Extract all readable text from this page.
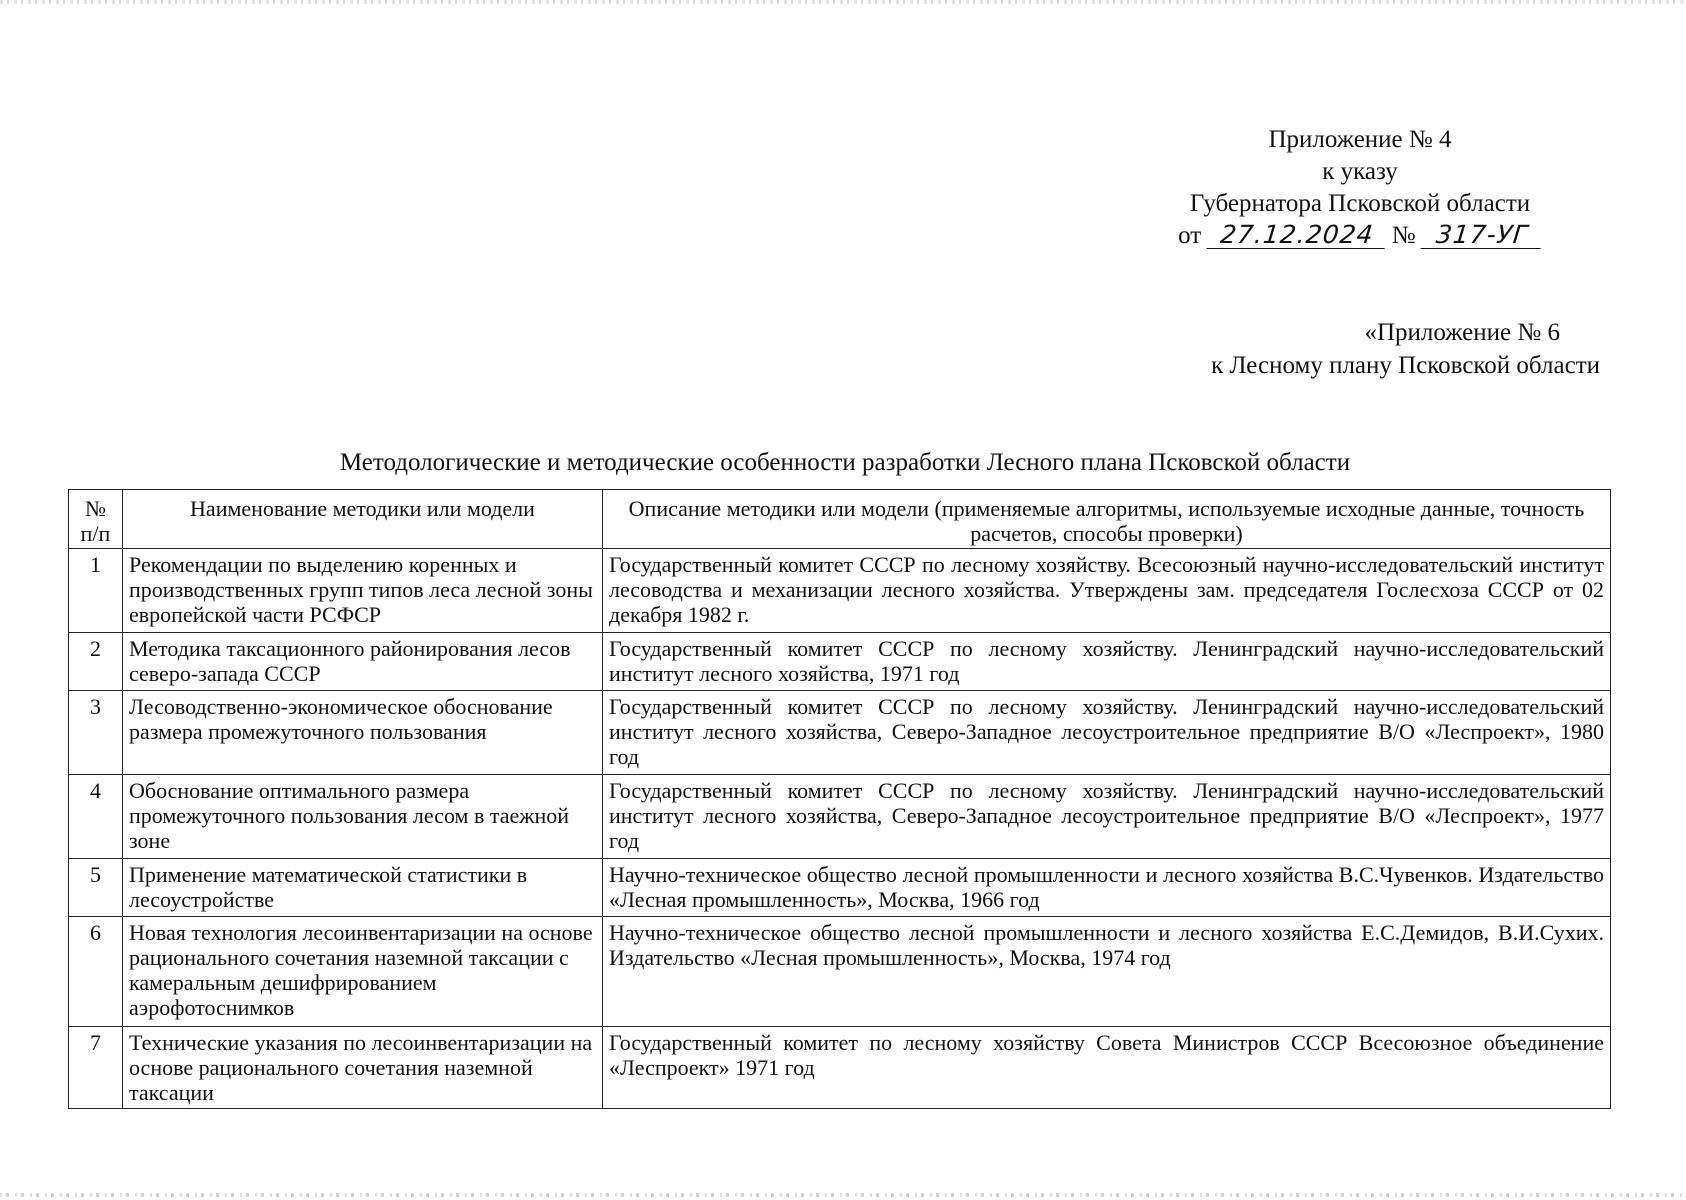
Приложение № 4
к указу
Губернатора Псковской области
от 27.12.2024 № 317-УГ
«Приложение № 6
к Лесному плану Псковской области
Методологические и методические особенности разработки Лесного плана Псковской области
№ п/п	Наименование методики или модели	Описание методики или модели (применяемые алгоритмы, используемые исходные данные, точность расчетов, способы проверки)
1	Рекомендации по выделению коренных и производственных групп типов леса лесной зоны европейской части РСФСР	Государственный комитет СССР по лесному хозяйству. Всесоюзный научно-исследовательский институт лесоводства и механизации лесного хозяйства. Утверждены зам. председателя Гослесхоза СССР от 02 декабря 1982 г.
2	Методика таксационного районирования лесов северо-запада СССР	Государственный комитет СССР по лесному хозяйству. Ленинградский научно-исследовательский институт лесного хозяйства, 1971 год
3	Лесоводственно-экономическое обоснование размера промежуточного пользования	Государственный комитет СССР по лесному хозяйству. Ленинградский научно-исследовательский институт лесного хозяйства, Северо-Западное лесоустроительное предприятие В/О «Леспроект», 1980 год
4	Обоснование оптимального размера промежуточного пользования лесом в таежной зоне	Государственный комитет СССР по лесному хозяйству. Ленинградский научно-исследовательский институт лесного хозяйства, Северо-Западное лесоустроительное предприятие В/О «Леспроект», 1977 год
5	Применение математической статистики в лесоустройстве	Научно-техническое общество лесной промышленности и лесного хозяйства В.С.Чувенков. Издательство «Лесная промышленность», Москва, 1966 год
6	Новая технология лесоинвентаризации на основе рационального сочетания наземной таксации с камеральным дешифрированием аэрофотоснимков	Научно-техническое общество лесной промышленности и лесного хозяйства Е.С.Демидов, В.И.Сухих. Издательство «Лесная промышленность», Москва, 1974 год
7	Технические указания по лесоинвентаризации на основе рационального сочетания наземной таксации	Государственный комитет по лесному хозяйству Совета Министров СССР Всесоюзное объединение «Леспроект» 1971 год
